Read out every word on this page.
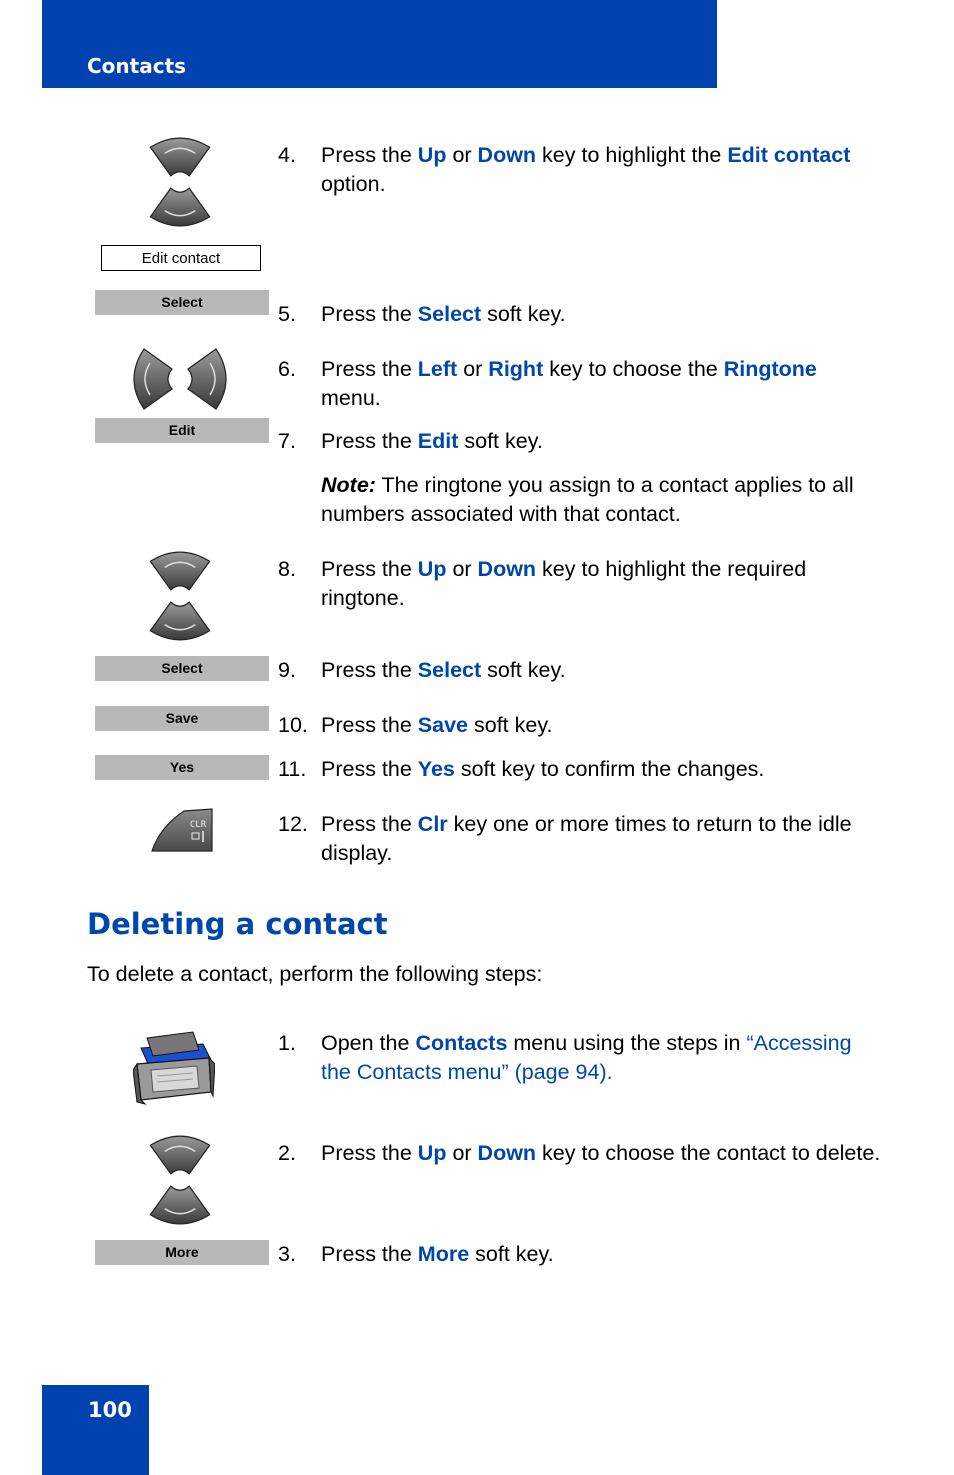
Contacts
Edit contact
4. Press the Up or Down key to highlight the Edit contact option.
Select	5. Press the Select soft key.
6. Press the Left or Right key to choose the Ringtone menu.
Edit	7. Press the Edit soft key.
Note: The ringtone you assign to a contact applies to all numbers associated with that contact.
8. Press the Up or Down key to highlight the required ringtone.
Select	9. Press the Select soft key.
Save	10. Press the Save soft key.
Yes	11. Press the Yes soft key to confirm the changes.
CLR	12. Press the Clr key one or more times to return to the idle display.
Deleting a contact
To delete a contact, perform the following steps:
1. Open the Contacts menu using the steps in “Accessing the Contacts menu” (page 94).
2. Press the Up or Down key to choose the contact to delete.
More	3. Press the More soft key.
100
